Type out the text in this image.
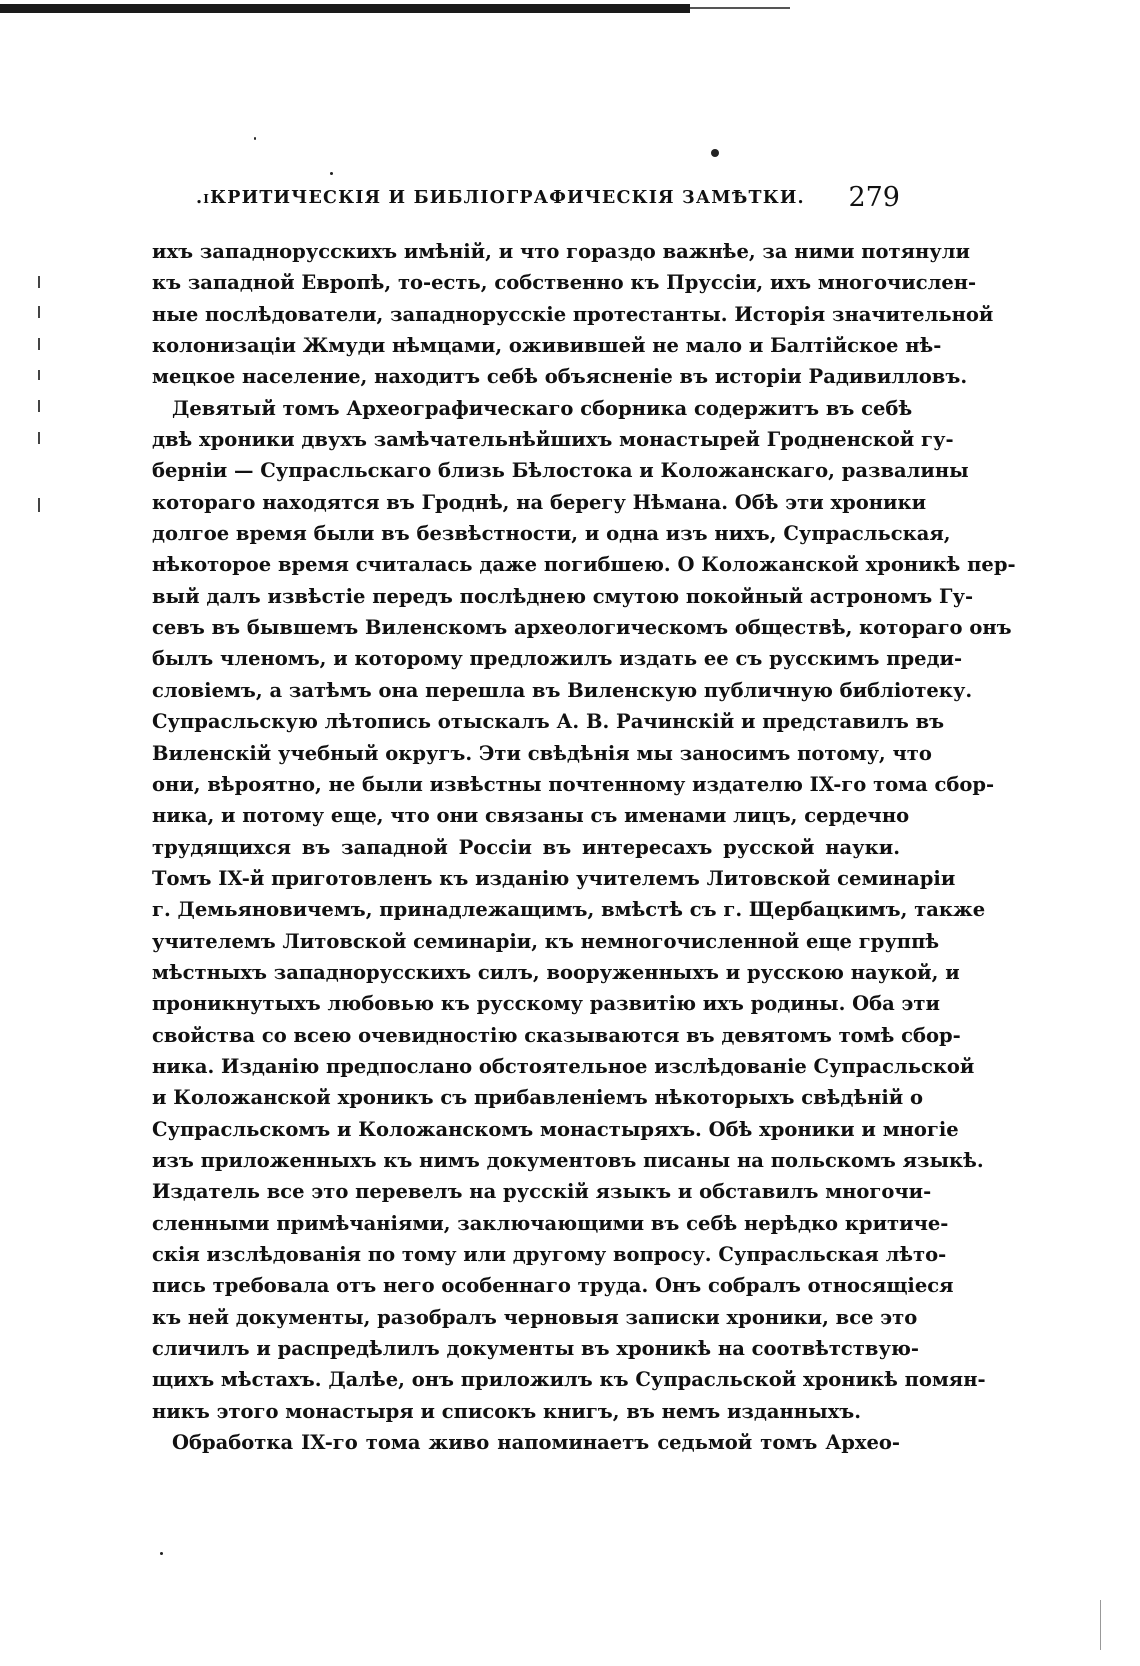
.ıКРИТИЧЕСКІЯ И БИБЛІОГРАФИЧЕСКІЯ ЗАМѢТКИ. 279
ихъ западнорусскихъ имѣній, и что гораздо важнѣе, за ними потянули
къ западной Европѣ, то-есть, собственно къ Пруссіи, ихъ многочислен-
ные послѣдователи, западнорусскіе протестанты. Исторія значительной
колонизаціи Жмуди нѣмцами, оживившей не мало и Балтійское нѣ-
мецкое население, находитъ себѣ объясненіе въ исторіи Радивилловъ.
Девятый томъ Археографическаго сборника содержитъ въ себѣ
двѣ хроники двухъ замѣчательнѣйшихъ монастырей Гродненской гу-
берніи — Супрасльскаго близь Бѣлостока и Коложанскаго, развалины
котораго находятся въ Гроднѣ, на берегу Нѣмана. Обѣ эти хроники
долгое время были въ безвѣстности, и одна изъ нихъ, Супрасльская,
нѣкоторое время считалась даже погибшею. О Коложанской хроникѣ пер-
вый далъ извѣстіе передъ послѣднею смутою покойный астрономъ Гу-
севъ въ бывшемъ Виленскомъ археологическомъ обществѣ, котораго онъ
былъ членомъ, и которому предложилъ издать ее съ русскимъ преди-
словіемъ, а затѣмъ она перешла въ Виленскую публичную библіотеку.
Супрасльскую лѣтопись отыскалъ А. В. Рачинскій и представилъ въ
Виленскій учебный округъ. Эти свѣдѣнія мы заносимъ потому, что
они, вѣроятно, не были извѣстны почтенному издателю IX-го тома сбор-
ника, и потому еще, что они связаны съ именами лицъ, сердечно
трудящихся въ западной Россіи въ интересахъ русской науки.
Томъ IX-й приготовленъ къ изданію учителемъ Литовской семинаріи
г. Демьяновичемъ, принадлежащимъ, вмѣстѣ съ г. Щербацкимъ, также
учителемъ Литовской семинаріи, къ немногочисленной еще группѣ
мѣстныхъ западнорусскихъ силъ, вооруженныхъ и русскою наукой, и
проникнутыхъ любовью къ русскому развитію ихъ родины. Оба эти
свойства со всею очевидностію сказываются въ девятомъ томѣ сбор-
ника. Изданію предпослано обстоятельное изслѣдованіе Супрасльской
и Коложанской хроникъ съ прибавленіемъ нѣкоторыхъ свѣдѣній о
Супрасльскомъ и Коложанскомъ монастыряхъ. Обѣ хроники и многіе
изъ приложенныхъ къ нимъ документовъ писаны на польскомъ языкѣ.
Издатель все это перевелъ на русскій языкъ и обставилъ многочи-
сленными примѣчаніями, заключающими въ себѣ нерѣдко критиче-
скія изслѣдованія по тому или другому вопросу. Супрасльская лѣто-
пись требовала отъ него особеннаго труда. Онъ собралъ относящіеся
къ ней документы, разобралъ черновыя записки хроники, все это
сличилъ и распредѣлилъ документы въ хроникѣ на соотвѣтствую-
щихъ мѣстахъ. Далѣе, онъ приложилъ къ Супрасльской хроникѣ помян-
никъ этого монастыря и списокъ книгъ, въ немъ изданныхъ.
Обработка IX-го тома живо напоминаетъ седьмой томъ Архео-
